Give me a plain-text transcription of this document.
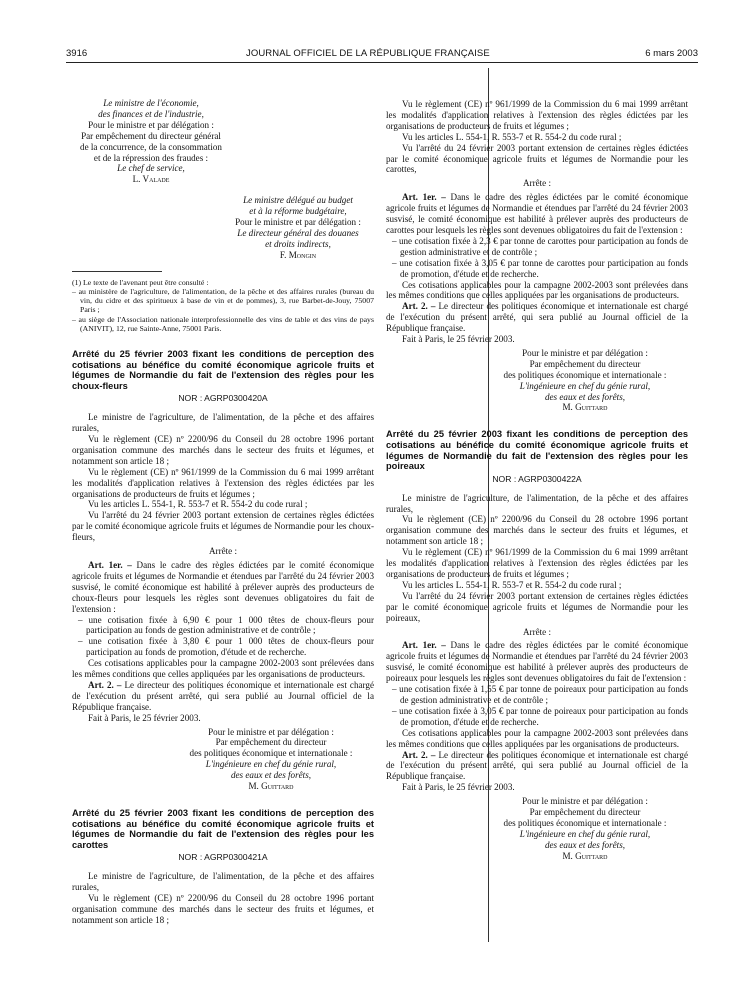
3916	JOURNAL OFFICIEL DE LA RÉPUBLIQUE FRANÇAISE	6 mars 2003
Le ministre de l'économie,
des finances et de l'industrie,
Pour le ministre et par délégation :
Par empêchement du directeur général
de la concurrence, de la consommation
et de la répression des fraudes :
Le chef de service,
L. Valade
Le ministre délégué au budget
et à la réforme budgétaire,
Pour le ministre et par délégation :
Le directeur général des douanes
et droits indirects,
F. Mongin

(1) Le texte de l'avenant peut être consulté :

– au ministère de l'agriculture, de l'alimentation, de la pêche et des affaires rurales (bureau du vin, du cidre et des spiritueux à base de vin et de pommes), 3, rue Barbet-de-Jouy, 75007 Paris ;

– au siège de l'Association nationale interprofessionnelle des vins de table et des vins de pays (ANIVIT), 12, rue Sainte-Anne, 75001 Paris.

Arrêté du 25 février 2003 fixant les conditions de perception des cotisations au bénéfice du comité économique agricole fruits et légumes de Normandie du fait de l'extension des règles pour les choux-fleurs

NOR : AGRP0300420A

Le ministre de l'agriculture, de l'alimentation, de la pêche et des affaires rurales,

Vu le règlement (CE) nº 2200/96 du Conseil du 28 octobre 1996 portant organisation commune des marchés dans le secteur des fruits et légumes, et notamment son article 18 ;

Vu le règlement (CE) nº 961/1999 de la Commission du 6 mai 1999 arrêtant les modalités d'application relatives à l'extension des règles édictées par les organisations de producteurs de fruits et légumes ;

Vu les articles L. 554-1, R. 553-7 et R. 554-2 du code rural ;

Vu l'arrêté du 24 février 2003 portant extension de certaines règles édictées par le comité économique agricole fruits et légumes de Normandie pour les choux-fleurs,

Arrête :

Art. 1er. – Dans le cadre des règles édictées par le comité économique agricole fruits et légumes de Normandie et étendues par l'arrêté du 24 février 2003 susvisé, le comité économique est habilité à prélever auprès des producteurs de choux-fleurs pour lesquels les règles sont devenues obligatoires du fait de l'extension :

– une cotisation fixée à 6,90 € pour 1 000 têtes de choux-fleurs pour participation au fonds de gestion administrative et de contrôle ;

– une cotisation fixée à 3,80 € pour 1 000 têtes de choux-fleurs pour participation au fonds de promotion, d'étude et de recherche.

Ces cotisations applicables pour la campagne 2002-2003 sont prélevées dans les mêmes conditions que celles appliquées par les organisations de producteurs.

Art. 2. – Le directeur des politiques économique et internationale est chargé de l'exécution du présent arrêté, qui sera publié au Journal officiel de la République française.

Fait à Paris, le 25 février 2003.

Pour le ministre et par délégation :
Par empêchement du directeur
des politiques économique et internationale :
L'ingénieure en chef du génie rural,
des eaux et des forêts,
M. Guittard

Arrêté du 25 février 2003 fixant les conditions de perception des cotisations au bénéfice du comité économique agricole fruits et légumes de Normandie du fait de l'extension des règles pour les carottes

NOR : AGRP0300421A

Le ministre de l'agriculture, de l'alimentation, de la pêche et des affaires rurales,

Vu le règlement (CE) nº 2200/96 du Conseil du 28 octobre 1996 portant organisation commune des marchés dans le secteur des fruits et légumes, et notamment son article 18 ;

Vu le règlement (CE) nº 961/1999 de la Commission du 6 mai 1999 arrêtant les modalités d'application relatives à l'extension des règles édictées par les organisations de producteurs de fruits et légumes ;

Vu les articles L. 554-1, R. 553-7 et R. 554-2 du code rural ;

Vu l'arrêté du 24 février 2003 portant extension de certaines règles édictées par le comité économique agricole fruits et légumes de Normandie pour les carottes,

Arrête :

Art. 1er. – Dans le cadre des règles édictées par le comité économique agricole fruits et légumes de Normandie et étendues par l'arrêté du 24 février 2003 susvisé, le comité économique est habilité à prélever auprès des producteurs de carottes pour lesquels les règles sont devenues obligatoires du fait de l'extension :

– une cotisation fixée à 2,3 € par tonne de carottes pour participation au fonds de gestion administrative et de contrôle ;

– une cotisation fixée à 3,05 € par tonne de carottes pour participation au fonds de promotion, d'étude et de recherche.

Ces cotisations applicables pour la campagne 2002-2003 sont prélevées dans les mêmes conditions que celles appliquées par les organisations de producteurs.

Art. 2. – Le directeur des politiques économique et internationale est chargé de l'exécution du présent arrêté, qui sera publié au Journal officiel de la République française.

Fait à Paris, le 25 février 2003.

Pour le ministre et par délégation :
Par empêchement du directeur
des politiques économique et internationale :
L'ingénieure en chef du génie rural,
des eaux et des forêts,
M. Guittard

Arrêté du 25 février 2003 fixant les conditions de perception des cotisations au bénéfice du comité économique agricole fruits et légumes de Normandie du fait de l'extension des règles pour les poireaux

NOR : AGRP0300422A

Le ministre de l'agriculture, de l'alimentation, de la pêche et des affaires rurales,

Vu le règlement (CE) nº 2200/96 du Conseil du 28 octobre 1996 portant organisation commune des marchés dans le secteur des fruits et légumes, et notamment son article 18 ;

Vu le règlement (CE) nº 961/1999 de la Commission du 6 mai 1999 arrêtant les modalités d'application relatives à l'extension des règles édictées par les organisations de producteurs de fruits et légumes ;

Vu les articles L. 554-1, R. 553-7 et R. 554-2 du code rural ;

Vu l'arrêté du 24 février 2003 portant extension de certaines règles édictées par le comité économique agricole fruits et légumes de Normandie pour les poireaux,

Arrête :

Art. 1er. – Dans le cadre des règles édictées par le comité économique agricole fruits et légumes de Normandie et étendues par l'arrêté du 24 février 2003 susvisé, le comité économique est habilité à prélever auprès des producteurs de poireaux pour lesquels les règles sont devenues obligatoires du fait de l'extension :

– une cotisation fixée à 1,55 € par tonne de poireaux pour participation au fonds de gestion administrative et de contrôle ;

– une cotisation fixée à 3,05 € par tonne de poireaux pour participation au fonds de promotion, d'étude et de recherche.

Ces cotisations applicables pour la campagne 2002-2003 sont prélevées dans les mêmes conditions que celles appliquées par les organisations de producteurs.

Art. 2. – Le directeur des politiques économique et internationale est chargé de l'exécution du présent arrêté, qui sera publié au Journal officiel de la République française.

Fait à Paris, le 25 février 2003.

Pour le ministre et par délégation :
Par empêchement du directeur
des politiques économique et internationale :
L'ingénieure en chef du génie rural,
des eaux et des forêts,
M. Guittard
